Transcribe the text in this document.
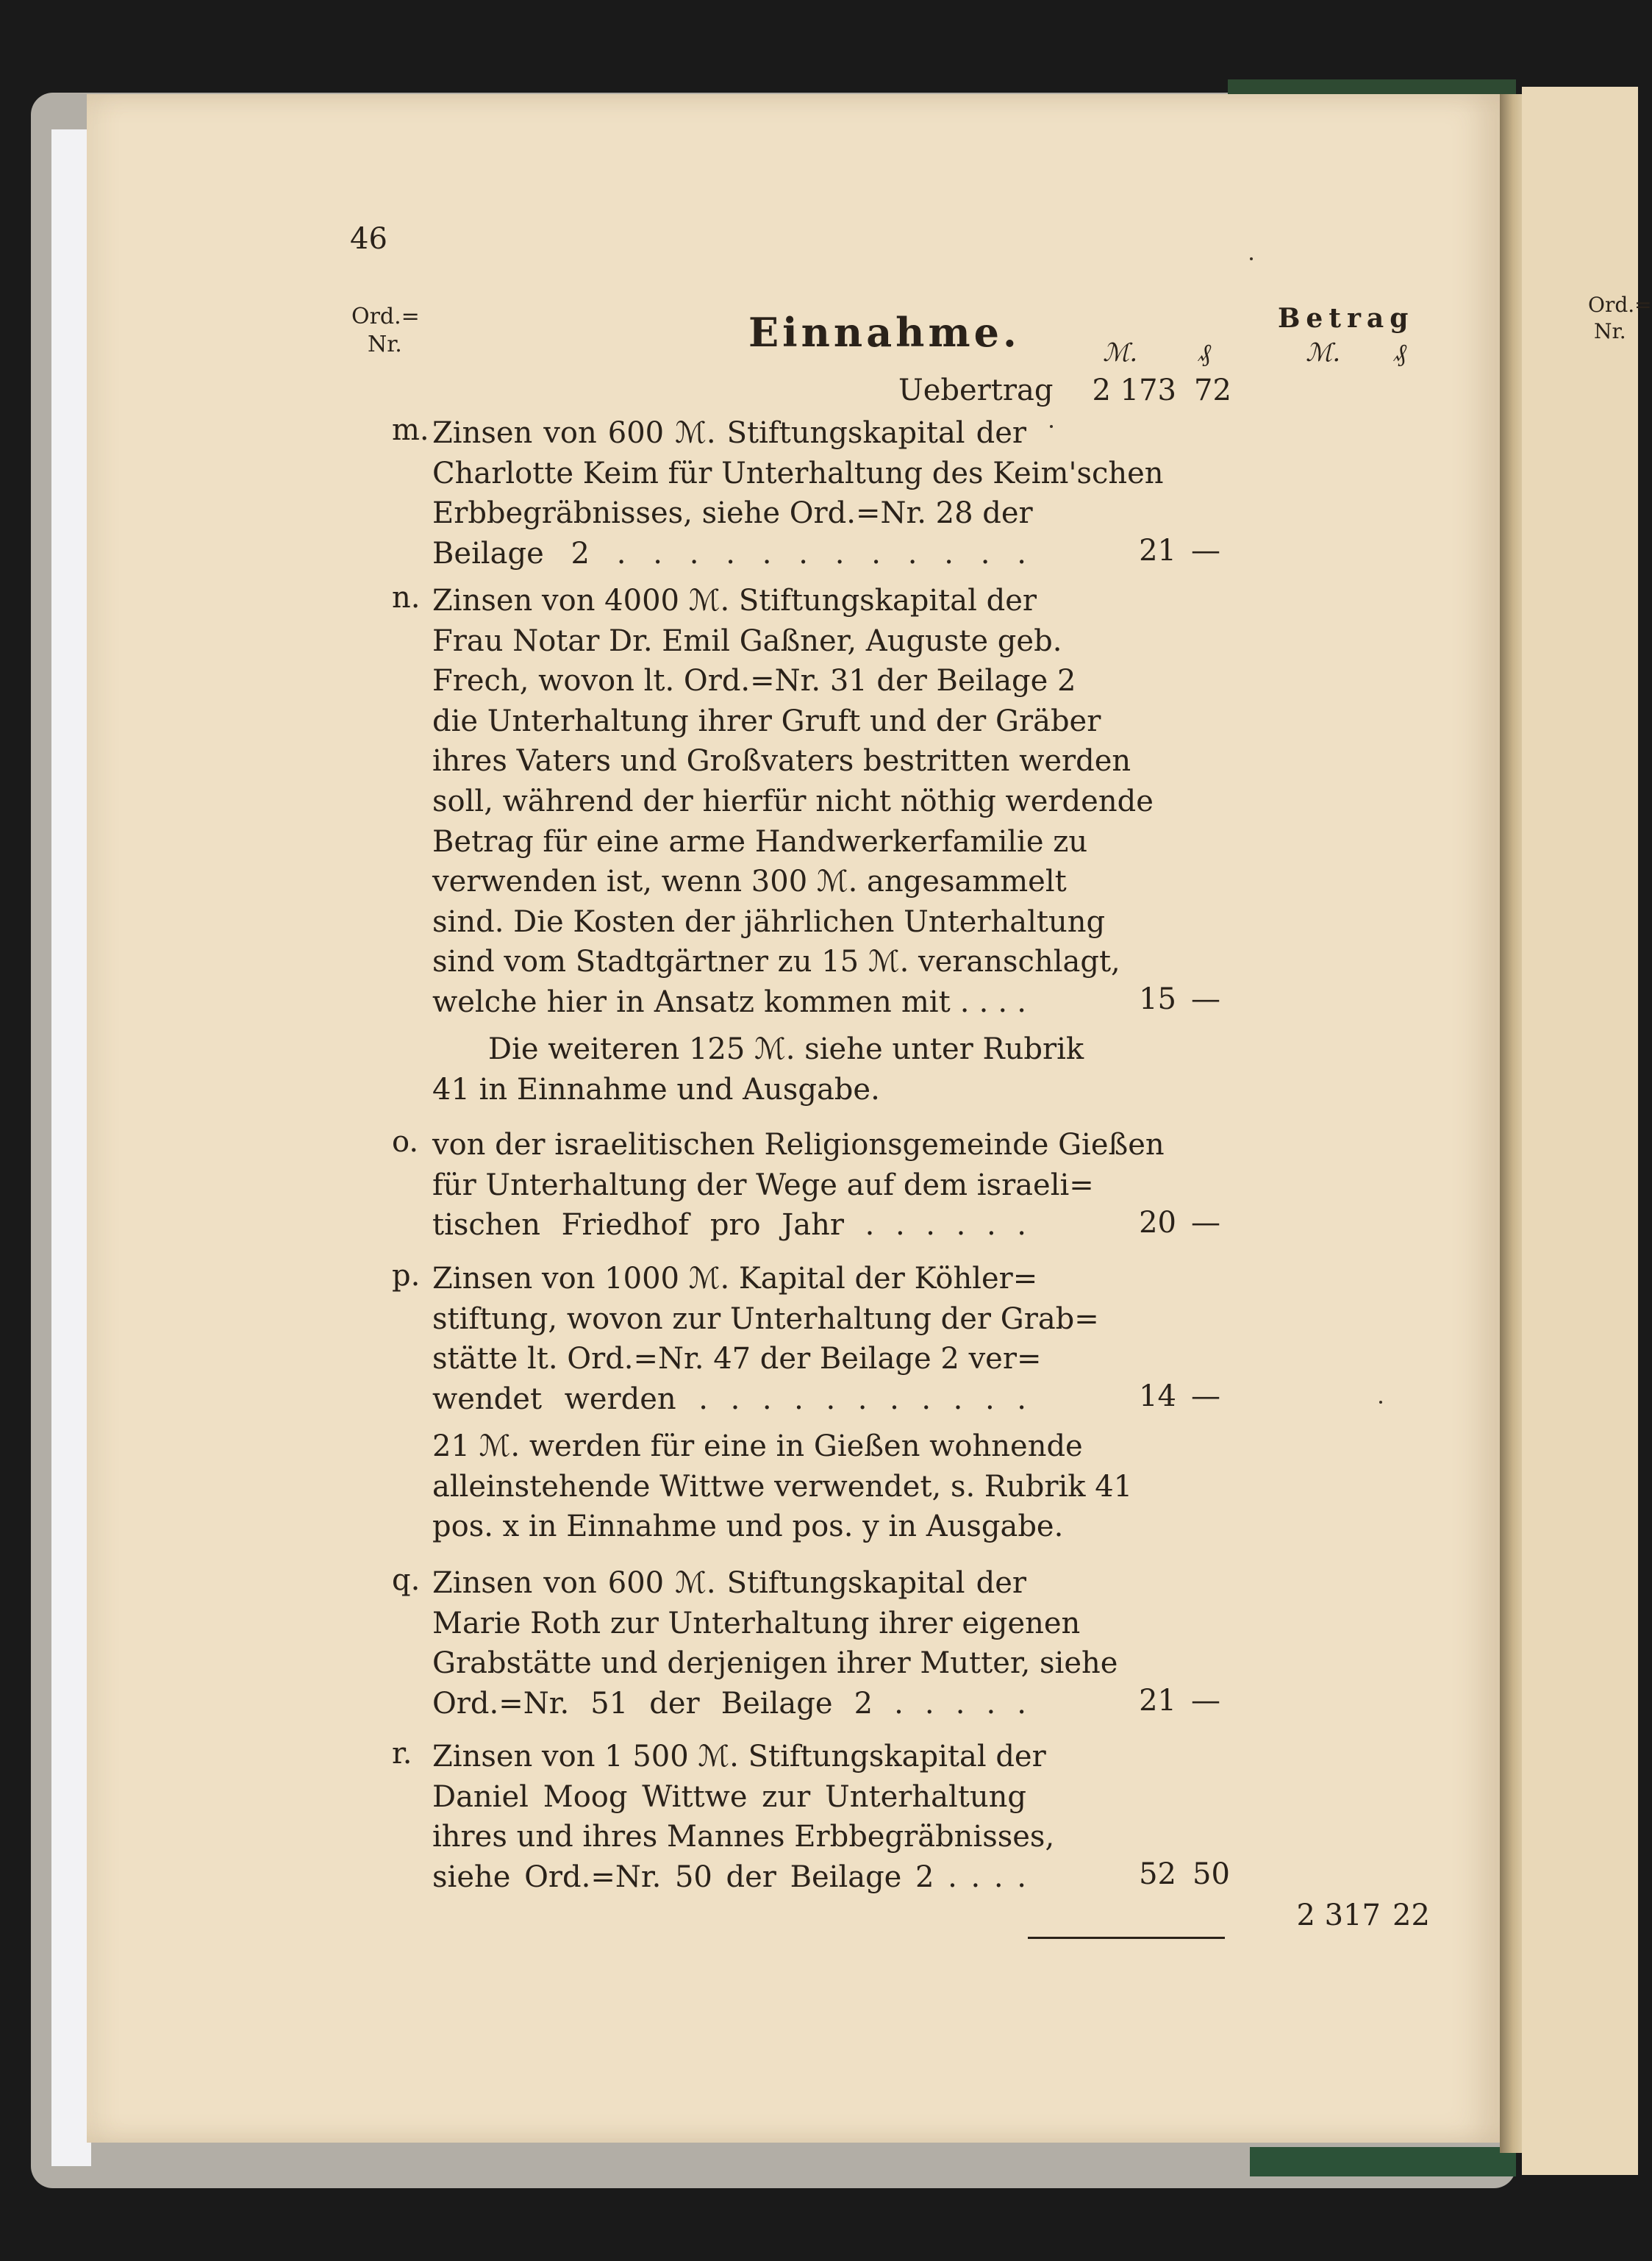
Ord.=
Nr.
46
Ord.=
Nr.	Einnahme.	Betrag
ℳ. ₰	ℳ. ₰
Uebertrag	2 173 72
m. Zinsen von 600 ℳ. Stiftungskapital der
Charlotte Keim für Unterhaltung des Keim'schen
Erbbegräbnisses, siehe Ord.=Nr. 28 der
Beilage 2 . . . . . . . . . . . .	21 —
n. Zinsen von 4000 ℳ. Stiftungskapital der
Frau Notar Dr. Emil Gaßner, Auguste geb.
Frech, wovon lt. Ord.=Nr. 31 der Beilage 2
die Unterhaltung ihrer Gruft und der Gräber
ihres Vaters und Großvaters bestritten werden
soll, während der hierfür nicht nöthig werdende
Betrag für eine arme Handwerkerfamilie zu
verwenden ist, wenn 300 ℳ. angesammelt
sind. Die Kosten der jährlichen Unterhaltung
sind vom Stadtgärtner zu 15 ℳ. veranschlagt,
welche hier in Ansatz kommen mit . . . .	15 —
Die weiteren 125 ℳ. siehe unter Rubrik
41 in Einnahme und Ausgabe.
o. von der israelitischen Religionsgemeinde Gießen
für Unterhaltung der Wege auf dem israeli=
tischen Friedhof pro Jahr . . . . . .	20 —
p. Zinsen von 1000 ℳ. Kapital der Köhler=
stiftung, wovon zur Unterhaltung der Grab=
stätte lt. Ord.=Nr. 47 der Beilage 2 ver=
wendet werden . . . . . . . . . . .	14 —
21 ℳ. werden für eine in Gießen wohnende
alleinstehende Wittwe verwendet, s. Rubrik 41
pos. x in Einnahme und pos. y in Ausgabe.
q. Zinsen von 600 ℳ. Stiftungskapital der
Marie Roth zur Unterhaltung ihrer eigenen
Grabstätte und derjenigen ihrer Mutter, siehe
Ord.=Nr. 51 der Beilage 2 . . . . .	21 —
r. Zinsen von 1 500 ℳ. Stiftungskapital der
Daniel Moog Wittwe zur Unterhaltung
ihres und ihres Mannes Erbbegräbnisses,
siehe Ord.=Nr. 50 der Beilage 2 . . . .	52 50
2 317 22
